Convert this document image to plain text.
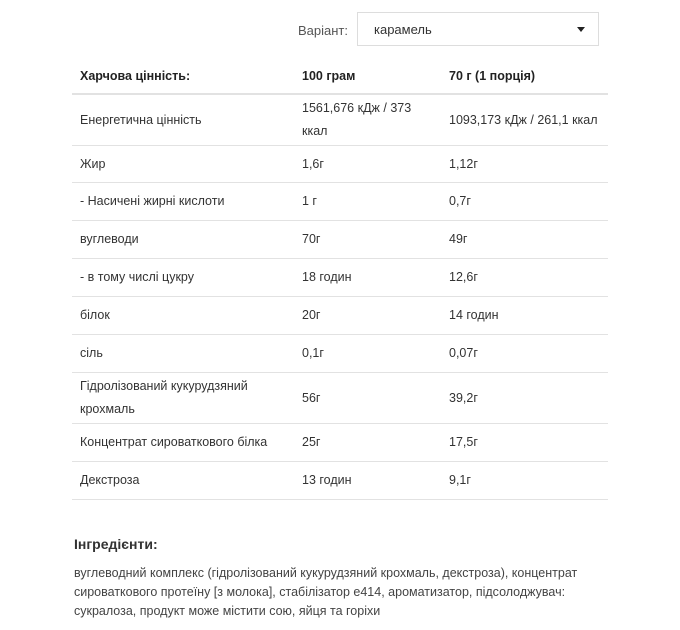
Варіант: карамель
Харчова цінність:	100 грам	70 г (1 порція)
Енергетична цінність	1561,676 кДж / 373 ккал	1093,173 кДж / 261,1 ккал
Жир	1,6г	1,12г
- Насичені жирні кислоти	1 г	0,7г
вуглеводи	70г	49г
- в тому числі цукру	18 годин	12,6г
білок	20г	14 годин
сіль	0,1г	0,07г
Гідролізований кукурудзяний крохмаль	56г	39,2г
Концентрат сироваткового білка	25г	17,5г
Декстроза	13 годин	9,1г
Інгредієнти:
вуглеводний комплекс (гідролізований кукурудзяний крохмаль, декстроза), концентрат сироваткового протеїну [з молока], стабілізатор е414, ароматизатор, підсолоджувач: сукралоза, продукт може містити сою, яйця та горіхи
